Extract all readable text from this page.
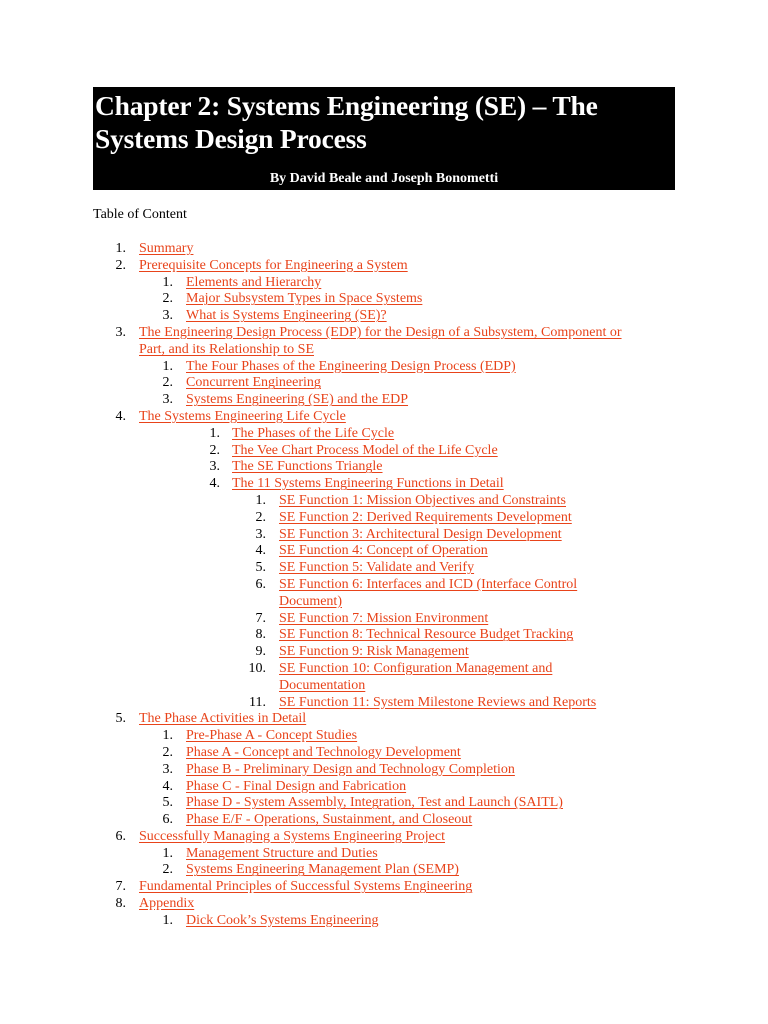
Chapter 2: Systems Engineering (SE) – The Systems Design Process
By David Beale and Joseph Bonometti
Table of Content
1. Summary
2. Prerequisite Concepts for Engineering a System
1. Elements and Hierarchy
2. Major Subsystem Types in Space Systems
3. What is Systems Engineering (SE)?
3. The Engineering Design Process (EDP) for the Design of a Subsystem, Component or
Part, and its Relationship to SE
1. The Four Phases of the Engineering Design Process (EDP)
2. Concurrent Engineering
3. Systems Engineering (SE) and the EDP
4. The Systems Engineering Life Cycle
1. The Phases of the Life Cycle
2. The Vee Chart Process Model of the Life Cycle
3. The SE Functions Triangle
4. The 11 Systems Engineering Functions in Detail
1. SE Function 1: Mission Objectives and Constraints
2. SE Function 2: Derived Requirements Development
3. SE Function 3: Architectural Design Development
4. SE Function 4: Concept of Operation
5. SE Function 5: Validate and Verify
6. SE Function 6: Interfaces and ICD (Interface Control
Document)
7. SE Function 7: Mission Environment
8. SE Function 8: Technical Resource Budget Tracking
9. SE Function 9: Risk Management
10. SE Function 10: Configuration Management and
Documentation
11. SE Function 11: System Milestone Reviews and Reports
5. The Phase Activities in Detail
1. Pre-Phase A - Concept Studies
2. Phase A - Concept and Technology Development
3. Phase B - Preliminary Design and Technology Completion
4. Phase C - Final Design and Fabrication
5. Phase D - System Assembly, Integration, Test and Launch (SAITL)
6. Phase E/F - Operations, Sustainment, and Closeout
6. Successfully Managing a Systems Engineering Project
1. Management Structure and Duties
2. Systems Engineering Management Plan (SEMP)
7. Fundamental Principles of Successful Systems Engineering
8. Appendix
1. Dick Cook’s Systems Engineering
